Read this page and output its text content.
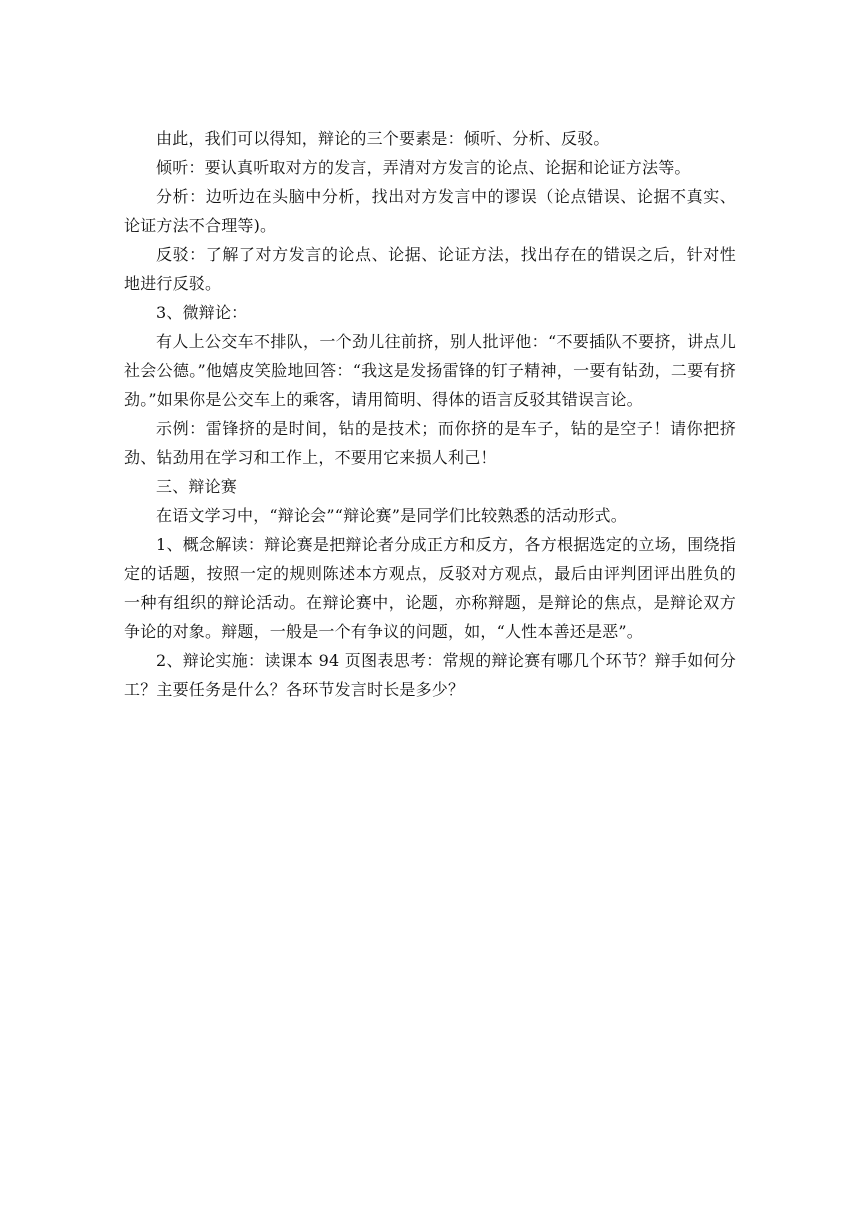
由此，我们可以得知，辩论的三个要素是：倾听、分析、反驳。

倾听：要认真听取对方的发言，弄清对方发言的论点、论据和论证方法等。

分析：边听边在头脑中分析，找出对方发言中的谬误（论点错误、论据不真实、论证方法不合理等)。

反驳：了解了对方发言的论点、论据、论证方法，找出存在的错误之后，针对性地进行反驳。

3、微辩论：

有人上公交车不排队，一个劲儿往前挤，别人批评他：“不要插队不要挤，讲点儿社会公德。”他嬉皮笑脸地回答：“我这是发扬雷锋的钉子精神，一要有钻劲，二要有挤劲。”如果你是公交车上的乘客，请用简明、得体的语言反驳其错误言论。

示例：雷锋挤的是时间，钻的是技术；而你挤的是车子，钻的是空子！请你把挤劲、钻劲用在学习和工作上，不要用它来损人利己！

三、辩论赛

在语文学习中，“辩论会”“辩论赛”是同学们比较熟悉的活动形式。

1、概念解读：辩论赛是把辩论者分成正方和反方，各方根据选定的立场，围绕指定的话题，按照一定的规则陈述本方观点，反驳对方观点，最后由评判团评出胜负的一种有组织的辩论活动。在辩论赛中，论题，亦称辩题，是辩论的焦点，是辩论双方争论的对象。辩题，一般是一个有争议的问题，如，“人性本善还是恶”。

2、辩论实施：读课本 94 页图表思考：常规的辩论赛有哪几个环节？辩手如何分工？主要任务是什么？各环节发言时长是多少？
